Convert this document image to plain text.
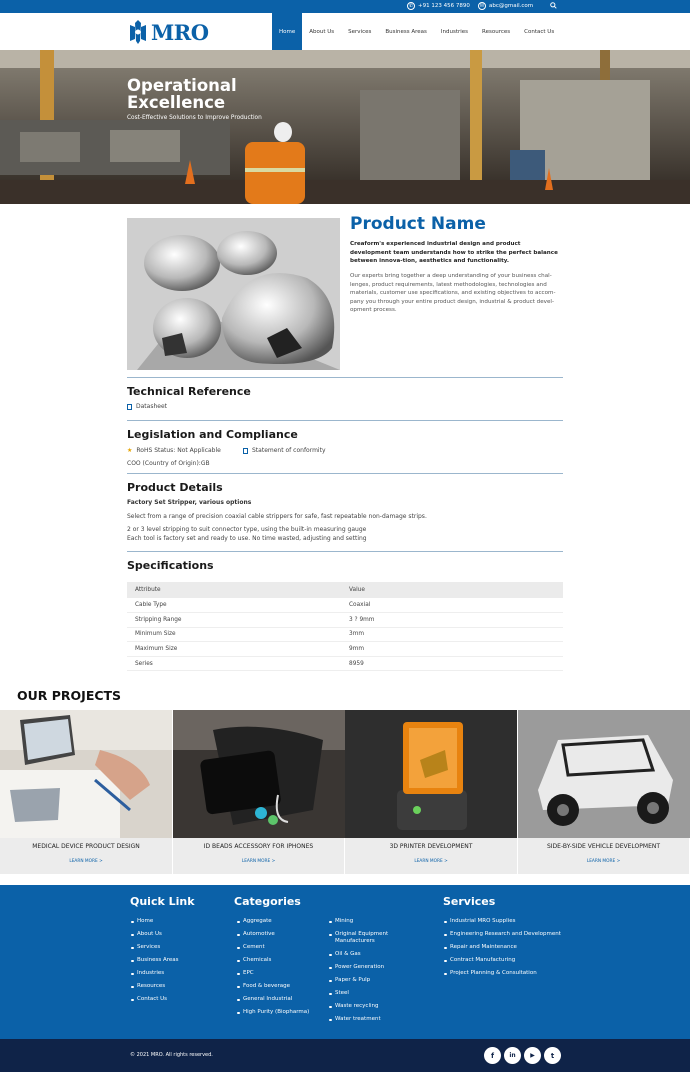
✆ +91 123 456 7890	✉ abc@gmail.com
MRO	Home	About Us	Services	Business Areas	Industries	Resources	Contact Us
Operational Excellence
Cost-Effective Solutions to Improve Production
Product Name
Creaform's experienced industrial design and product development team understands how to strike the perfect balance between innova-tion, aesthetics and functionality.
Our experts bring together a deep understanding of your business chal-lenges, product requirements, latest methodologies, technologies and materials, customer use specifications, and existing objectives to accom-pany you through your entire product design, industrial & product devel-opment process.
Technical Reference
Datasheet
Legislation and Compliance
★ RoHS Status: Not Applicable	Statement of conformity
COO (Country of Origin):GB
Product Details
Factory Set Stripper, various options
Select from a range of precision coaxial cable strippers for safe, fast repeatable non-damage strips.
2 or 3 level stripping to suit connector type, using the built-in measuring gauge
Each tool is factory set and ready to use. No time wasted, adjusting and setting
Specifications
Attribute	Value
Cable Type	Coaxial
Stripping Range	3 ? 9mm
Minimum Size	3mm
Maximum Size	9mm
Series	8959
OUR PROJECTS
MEDICAL DEVICE PRODUCT DESIGN
LEARN MORE >
ID BEADS ACCESSORY FOR IPHONES
LEARN MORE >
3D PRINTER DEVELOPMENT
LEARN MORE >
SIDE-BY-SIDE VEHICLE DEVELOPMENT
LEARN MORE >
Quick Link
Home
About Us
Services
Business Areas
Industries
Resources
Contact Us
Categories
Aggregate
Automotive
Cement
Chemicals
EPC
Food & beverage
General Industrial
High Purity (Biopharma)
Mining
Original Equipment Manufacturers
Oil & Gas
Power Generation
Paper & Pulp
Steel
Waste recycling
Water treatment
Services
Industrial MRO Supplies
Engineering Research and Development
Repair and Maintenance
Contract Manufacturing
Project Planning & Consultation
© 2021 MRO. All rights reserved.	f	in	▶	t
